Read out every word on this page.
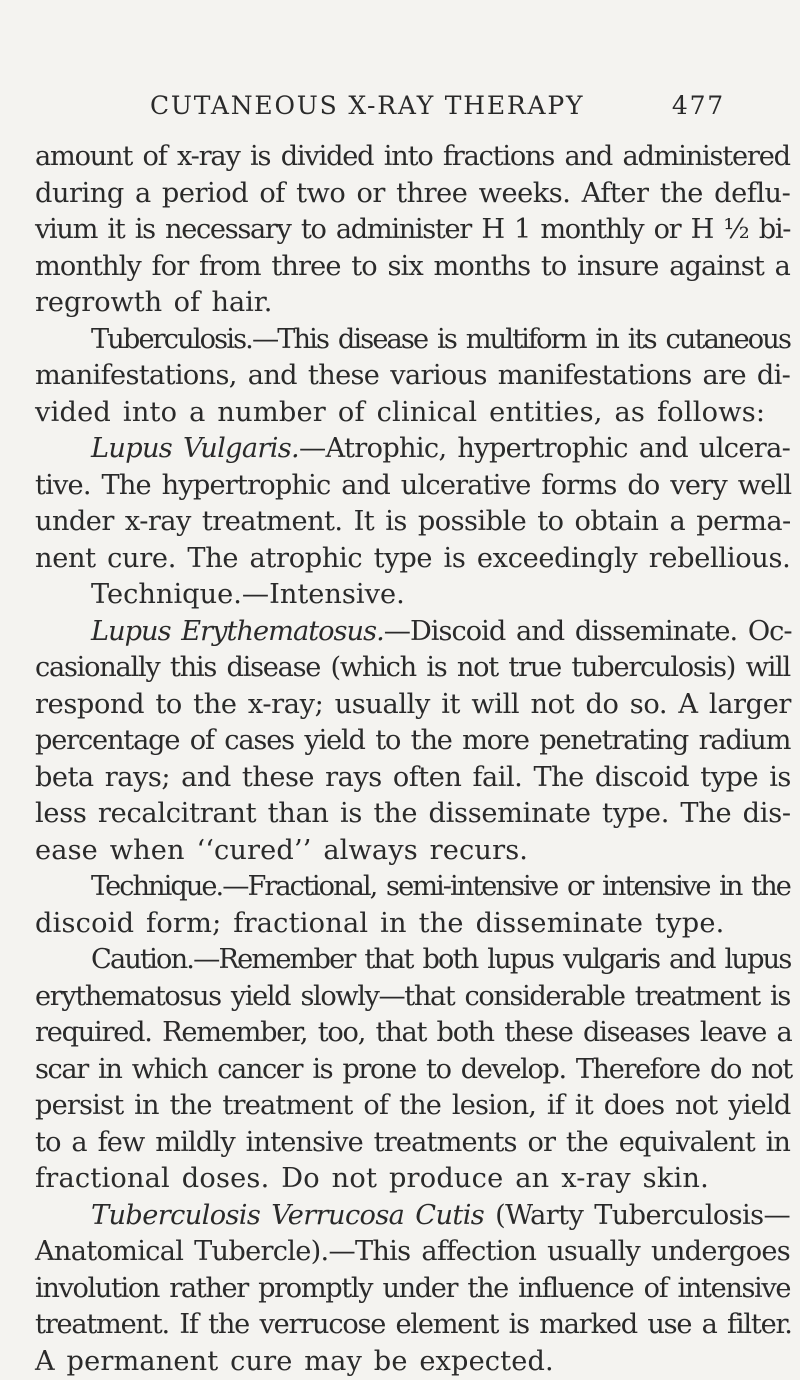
CUTANEOUS X-RAY THERAPY	477
amount of x-ray is divided into fractions and administered
during a period of two or three weeks. After the deflu-
vium it is necessary to administer H 1 monthly or H ½ bi-
monthly for from three to six months to insure against a
regrowth of hair.
Tuberculosis.—This disease is multiform in its cutaneous
manifestations, and these various manifestations are di-
vided into a number of clinical entities, as follows:
Lupus Vulgaris.—Atrophic, hypertrophic and ulcera-
tive. The hypertrophic and ulcerative forms do very well
under x-ray treatment. It is possible to obtain a perma-
nent cure. The atrophic type is exceedingly rebellious.
Technique.—Intensive.
Lupus Erythematosus.—Discoid and disseminate. Oc-
casionally this disease (which is not true tuberculosis) will
respond to the x-ray; usually it will not do so. A larger
percentage of cases yield to the more penetrating radium
beta rays; and these rays often fail. The discoid type is
less recalcitrant than is the disseminate type. The dis-
ease when ‘‘cured’’ always recurs.
Technique.—Fractional, semi-intensive or intensive in the
discoid form; fractional in the disseminate type.
Caution.—Remember that both lupus vulgaris and lupus
erythematosus yield slowly—that considerable treatment is
required. Remember, too, that both these diseases leave a
scar in which cancer is prone to develop. Therefore do not
persist in the treatment of the lesion, if it does not yield
to a few mildly intensive treatments or the equivalent in
fractional doses. Do not produce an x-ray skin.
Tuberculosis Verrucosa Cutis (Warty Tuberculosis—
Anatomical Tubercle).—This affection usually undergoes
involution rather promptly under the influence of intensive
treatment. If the verrucose element is marked use a filter.
A permanent cure may be expected.
